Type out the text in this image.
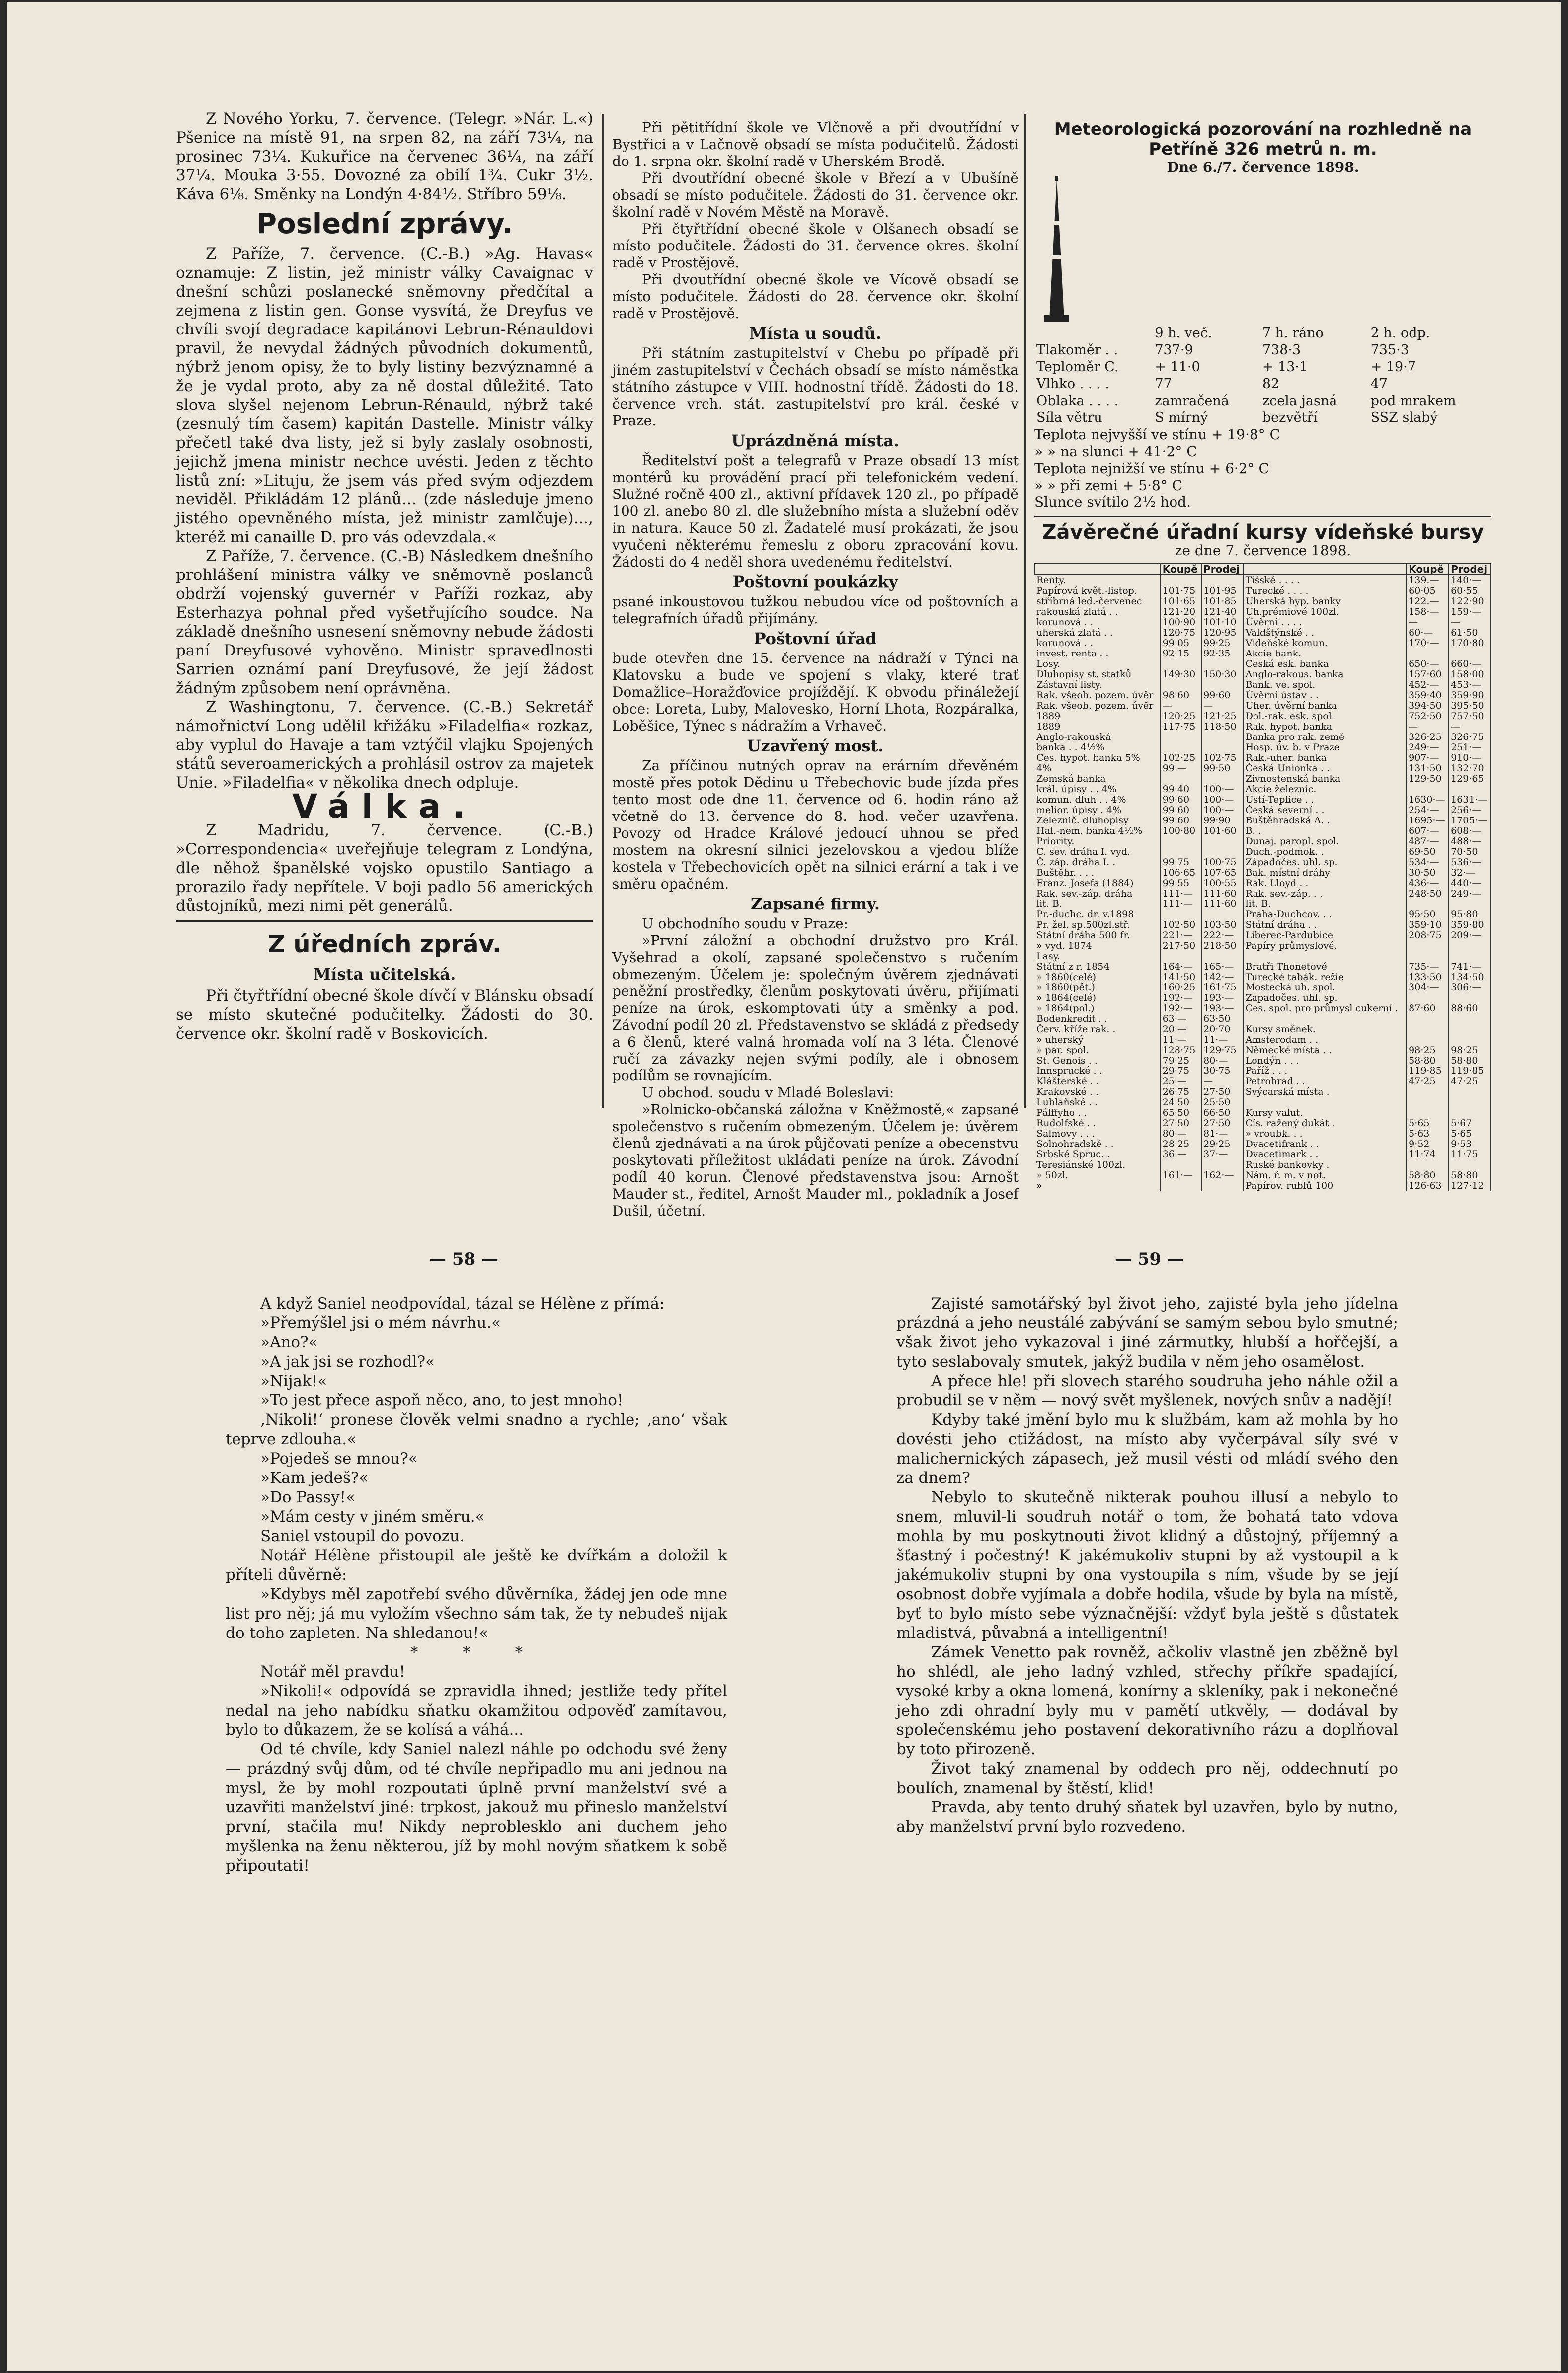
Z Nového Yorku, 7. července. (Telegr. »Nár. L.«) Pšenice na místě 91, na srpen 82, na září 73¼, na prosinec 73¼. Kukuřice na červenec 36¼, na září 37¼. Mouka 3·55. Dovozné za obilí 1¾. Cukr 3½. Káva 6⅛. Směnky na Londýn 4·84½. Stříbro 59⅛.

Poslední zprávy.

Z Paříže, 7. července. (C.-B.) »Ag. Havas« oznamuje: Z listin, jež ministr války Cavaignac v dnešní schůzi poslanecké sněmovny předčítal a zejmena z listin gen. Gonse vysvítá, že Dreyfus ve chvíli svojí degradace kapitánovi Lebrun-Rénauldovi pravil, že nevydal žádných původních dokumentů, nýbrž jenom opisy, že to byly listiny bezvýznamné a že je vydal proto, aby za ně dostal důležité. Tato slova slyšel nejenom Lebrun-Rénauld, nýbrž také (zesnulý tím časem) kapitán Dastelle. Ministr války přečetl také dva listy, jež si byly zaslaly osobnosti, jejichž jmena ministr nechce uvésti. Jeden z těchto listů zní: »Lituju, že jsem vás před svým odjezdem neviděl. Přikládám 12 plánů... (zde následuje jmeno jistého opevněného místa, jež ministr zamlčuje)..., kteréž mi canaille D. pro vás odevzdala.«

Z Paříže, 7. července. (C.-B) Následkem dnešního prohlášení ministra války ve sněmovně poslanců obdrží vojenský guvernér v Paříži rozkaz, aby Esterhazya pohnal před vyšetřujícího soudce. Na základě dnešního usnesení sněmovny nebude žádosti paní Dreyfusové vyhověno. Ministr spravedlnosti Sarrien oznámí paní Dreyfusové, že její žádost žádným způsobem není oprávněna.

Z Washingtonu, 7. července. (C.-B.) Sekretář námořnictví Long udělil křižáku »Filadelfia« rozkaz, aby vyplul do Havaje a tam vztýčil vlajku Spojených států severoamerických a prohlásil ostrov za majetek Unie. »Filadelfia« v několika dnech odpluje.

Válka.

Z Madridu, 7. července. (C.-B.) »Correspondencia« uveřejňuje telegram z Londýna, dle něhož španělské vojsko opustilo Santiago a prorazilo řady nepřítele. V boji padlo 56 amerických důstojníků, mezi nimi pět generálů.

Z úředních zpráv.
Místa učitelská.

Při čtyřtřídní obecné škole dívčí v Blánsku obsadí se místo skutečné podučitelky. Žádosti do 30. července okr. školní radě v Boskovicích.

Při pětitřídní škole ve Vlčnově a při dvoutřídní v Bystřici a v Lačnově obsadí se místa podučitelů. Žádosti do 1. srpna okr. školní radě v Uherském Brodě.

Při dvoutřídní obecné škole v Březí a v Ubušíně obsadí se místo podučitele. Žádosti do 31. července okr. školní radě v Novém Městě na Moravě.

Při čtyřtřídní obecné škole v Olšanech obsadí se místo podučitele. Žádosti do 31. července okres. školní radě v Prostějově.

Při dvoutřídní obecné škole ve Vícově obsadí se místo podučitele. Žádosti do 28. července okr. školní radě v Prostějově.

Místa u soudů.

Při státním zastupitelství v Chebu po případě při jiném zastupitelství v Čechách obsadí se místo náměstka státního zástupce v VIII. hodnostní třídě. Žádosti do 18. července vrch. stát. zastupitelství pro král. české v Praze.

Uprázdněná místa.

Ředitelství pošt a telegrafů v Praze obsadí 13 míst montérů ku provádění prací při telefonickém vedení. Služné ročně 400 zl., aktivní přídavek 120 zl., po případě 100 zl. anebo 80 zl. dle služebního místa a služební oděv in natura. Kauce 50 zl. Žadatelé musí prokázati, že jsou vyučeni některému řemeslu z oboru zpracování kovu. Žádosti do 4 neděl shora uvedenému ředitelství.

Poštovní poukázky

psané inkoustovou tužkou nebudou více od poštovních a telegrafních úřadů přijímány.

Poštovní úřad

bude otevřen dne 15. července na nádraží v Týnci na Klatovsku a bude ve spojení s vlaky, které trať Domažlice–Horažďovice projíždějí. K obvodu přináležejí obce: Loreta, Luby, Malovesko, Horní Lhota, Rozpáralka, Loběšice, Týnec s nádražím a Vrhaveč.

Uzavřený most.

Za příčinou nutných oprav na erárním dřevěném mostě přes potok Dědinu u Třebechovic bude jízda přes tento most ode dne 11. července od 6. hodin ráno až včetně do 13. července do 8. hod. večer uzavřena. Povozy od Hradce Králové jedoucí uhnou se před mostem na okresní silnici jezelovskou a vjedou blíže kostela v Třebechovicích opět na silnici erární a tak i ve směru opačném.

Zapsané firmy.

U obchodního soudu v Praze:

»První záložní a obchodní družstvo pro Král. Vyšehrad a okolí, zapsané společenstvo s ručením obmezeným. Účelem je: společným úvěrem zjednávati peněžní prostředky, členům poskytovati úvěru, přijímati peníze na úrok, eskomptovati úty a směnky a pod. Závodní podíl 20 zl. Představenstvo se skládá z předsedy a 6 členů, které valná hromada volí na 3 léta. Členové ručí za závazky nejen svými podíly, ale i obnosem podílům se rovnajícím.

U obchod. soudu v Mladé Boleslavi:

»Rolnicko-občanská záložna v Kněžmostě,« zapsané společenstvo s ručením obmezeným. Účelem je: úvěrem členů zjednávati a na úrok půjčovati peníze a obecenstvu poskytovati příležitost ukládati peníze na úrok. Závodní podíl 40 korun. Členové představenstva jsou: Arnošt Mauder st., ředitel, Arnošt Mauder ml., pokladník a Josef Dušil, účetní.

Meteorologická pozorování na rozhledně na Petříně 326 metrů n. m.
Dne 6./7. července 1898.
	9 h. več.	7 h. ráno	2 h. odp.
Tlakoměr . .	737·9	738·3	735·3
Teploměr C.	+ 11·0	+ 13·1	+ 19·7
Vlhko . . . .	77	82	47
Oblaka . . . .	zamračená	zcela jasná	pod mrakem
Síla větru	S mírný	bezvětří	SSZ slabý
Teplota nejvyšší ve stínu + 19·8° C
» » na slunci + 41·2° C
Teplota nejnižší ve stínu + 6·2° C
» » při zemi + 5·8° C
Slunce svítilo 2½ hod.
Závěrečné úřadní kursy vídeňské bursy
ze dne 7. července 1898.
	Koupě	Prodej		Koupě	Prodej
Renty.			Tiśské . . . .	139.—	140·—
Papírová květ.-listop.	101·75	101·95	Turecké . . . .	60·05	60·55
stříbrná led.-červenec	101·65	101·85	Uherská hyp. banky	122.—	122·90
rakouská zlatá . .	121·20	121·40	Uh.prémiové 100zl.	158·—	159·—
korunová . .	100·90	101·10	Úvěrní . . . .	—	—
uherská zlatá . .	120·75	120·95	Valdštýnské . .	60·—	61·50
korunová . .	99·05	99·25	Vídeňské komun.	170·—	170·80
invest. renta . .	92·15	92·35	Akcie bank.		
Losy.			Česká esk. banka	650·—	660·—
Dluhopisy st. statků	149·30	150·30	Anglo-rakous. banka	157·60	158·00
Zástavní listy.			Bank. ve. spol.	452·—	453·—
Rak. všeob. pozem. úvěr	98·60	99·60	Úvěrní ústav . .	359·40	359·90
Rak. všeob. pozem. úvěr	—	—	Uher. úvěrní banka	394·50	395·50
1889	120·25	121·25	Dol.-rak. esk. spol.	752·50	757·50
1889	117·75	118·50	Rak. hypot. banka	—	—
Anglo-rakouská			Banka pro rak. země	326·25	326·75
banka . . 4½%			Hosp. úv. b. v Praze	249·—	251·—
Čes. hypot. banka 5%	102·25	102·75	Rak.-uher. banka	907·—	910·—
4%	99·—	99·50	Česká Unionka . .	131·50	132·70
Zemská banka			Živnostenská banka	129·50	129·65
král. úpisy . . 4%	99·40	100·—	Akcie železnic.		
komun. dluh . . 4%	99·60	100·—	Ústí-Teplice . .	1630·—	1631·—
melior. úpisy . 4%	99·60	100·—	Česká severní . .	254·—	256·—
Železnič. dluhopisy	99·60	99·90	Buštěhradská A. .	1695·—	1705·—
Hal.-nem. banka 4½%	100·80	101·60	B. .	607·—	608·—
Priority.			Dunaj. paropl. spol.	487·—	488·—
Č. sev. dráha I. vyd.			Duch.-podmok. .	69·50	70·50
Č. záp. dráha I. .	99·75	100·75	Západočes. uhl. sp.	534·—	536·—
Buštěhr. . . .	106·65	107·65	Bak. místní dráhy	30·50	32·—
Franz. Josefa (1884)	99·55	100·55	Rak. Lloyd . .	436·—	440·—
Rak. sev.-záp. dráha	111·—	111·60	Rak. sev.-záp. . .	248·50	249·—
lit. B.	111·—	111·60	lit. B.		
Pr.-duchc. dr. v.1898			Praha-Duchcov. . .	95·50	95·80
Pr. žel. sp.500zl.stř.	102·50	103·50	Státní dráha . .	359·10	359·80
Státní dráha 500 fr.	221·—	222·—	Liberec-Pardubice	208·75	209·—
» vyd. 1874	217·50	218·50	Papíry průmyslové.		
Lasy.					
Státní z r. 1854	164·—	165·—	Bratři Thonetové	735·—	741·—
» 1860(celé)	141·50	142·—	Turecké tabák. režie	133·50	134·50
» 1860(pět.)	160·25	161·75	Mostecká uh. spol.	304·—	306·—
» 1864(celé)	192·—	193·—	Zapadočes. uhl. sp.		
» 1864(pol.)	192·—	193·—	Ces. spol. pro průmysl cukerní .	87·60	88·60
Bodenkredit . .	63·—	63·50			
Červ. kříže rak. .	20·—	20·70	Kursy směnek.		
» uherský	11·—	11·—	Amsterodam . .		
» par. spol.	128·75	129·75	Německé místa . .	98·25	98·25
St. Genois . .	79·25	80·—	Londýn . . .	58·80	58·80
Innsprucké . .	29·75	30·75	Paříž . . .	119·85	119·85
Klášterské . .	25·—	—	Petrohrad . .	47·25	47·25
Krakovské . .	26·75	27·50	Švýcarská místa .		
Lublaňské . .	24·50	25·50			
Pálffyho . .	65·50	66·50	Kursy valut.		
Rudolfské . .	27·50	27·50	Cís. ražený dukát .	5·65	5·67
Salmovy . . .	80·—	81·—	» vroubk. . .	5·63	5·65
Solnohradské . .	28·25	29·25	Dvacetifrank . .	9·52	9·53
Srbské Spruc. .	36·—	37·—	Dvacetimark . .	11·74	11·75
Teresiánské 100zl.			Ruské bankovky .		
» 50zl.	161·—	162·—	Nám. ř. m. v not.	58·80	58·80
»			Papírov. rublů 100	126·63	127·12
— 58 —	— 59 —

A když Saniel neodpovídal, tázal se Hélène z přímá:

»Přemýšlel jsi o mém návrhu.«

»Ano?«

»A jak jsi se rozhodl?«

»Nijak!«

»To jest přece aspoň něco, ano, to jest mnoho!

‚Nikoli!‘ pronese člověk velmi snadno a rychle; ‚ano‘ však teprve zdlouha.«

»Pojedeš se mnou?«

»Kam jedeš?«

»Do Passy!«

»Mám cesty v jiném směru.«

Saniel vstoupil do povozu.

Notář Hélène přistoupil ale ještě ke dvířkám a doložil k příteli důvěrně:

»Kdybys měl zapotřebí svého důvěrníka, žádej jen ode mne list pro něj; já mu vyložím všechno sám tak, že ty nebudeš nijak do toho zapleten. Na shledanou!«

* * *

Notář měl pravdu!

»Nikoli!« odpovídá se zpravidla ihned; jestliže tedy přítel nedal na jeho nabídku sňatku okamžitou odpověď zamítavou, bylo to důkazem, že se kolísá a váhá...

Od té chvíle, kdy Saniel nalezl náhle po odchodu své ženy — prázdný svůj dům, od té chvíle nepřipadlo mu ani jednou na mysl, že by mohl rozpoutati úplně první manželství své a uzavřiti manželství jiné: trpkost, jakouž mu přineslo manželství první, stačila mu! Nikdy neproblesklo ani duchem jeho myšlenka na ženu některou, jíž by mohl novým sňatkem k sobě připoutati!

Zajisté samotářský byl život jeho, zajisté byla jeho jídelna prázdná a jeho neustálé zabývání se samým sebou bylo smutné; však život jeho vykazoval i jiné zármutky, hlubší a hořčejší, a tyto seslabovaly smutek, jakýž budila v něm jeho osamělost.

A přece hle! při slovech starého soudruha jeho náhle ožil a probudil se v něm — nový svět myšlenek, nových snův a nadějí!

Kdyby také jmění bylo mu k službám, kam až mohla by ho dovésti jeho ctižádost, na místo aby vyčerpával síly své v malichernických zápasech, jež musil vésti od mládí svého den za dnem?

Nebylo to skutečně nikterak pouhou illusí a nebylo to snem, mluvil-li soudruh notář o tom, že bohatá tato vdova mohla by mu poskytnouti život klidný a důstojný, příjemný a šťastný i počestný! K jakémukoliv stupni by až vystoupil a k jakémukoliv stupni by ona vystoupila s ním, všude by se její osobnost dobře vyjímala a dobře hodila, všude by byla na místě, byť to bylo místo sebe význačnější: vždyť byla ještě s důstatek mladistvá, půvabná a intelligentní!

Zámek Venetto pak rovněž, ačkoliv vlastně jen zběžně byl ho shlédl, ale jeho ladný vzhled, střechy příkře spadající, vysoké krby a okna lomená, konírny a skleníky, pak i nekonečné jeho zdi ohradní byly mu v pamětí utkvěly, — dodával by společenskému jeho postavení dekorativního rázu a doplňoval by toto přirozeně.

Život taký znamenal by oddech pro něj, oddechnutí po boulích, znamenal by štěstí, klid!

Pravda, aby tento druhý sňatek byl uzavřen, bylo by nutno, aby manželství první bylo rozvedeno.
